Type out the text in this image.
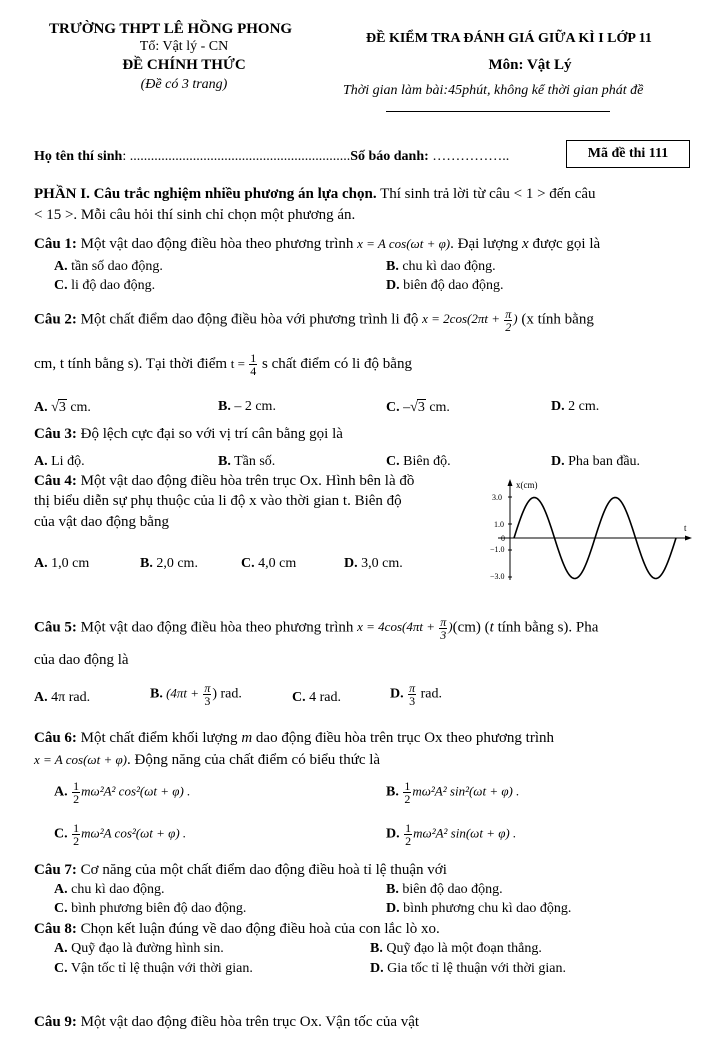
TRƯỜNG THPT LÊ HỒNG PHONG
Tổ: Vật lý - CN
ĐỀ CHÍNH THỨC
(Đề có 3 trang)
ĐỀ KIỂM TRA ĐÁNH GIÁ GIỮA KÌ I LỚP 11
Môn: Vật Lý
Thời gian làm bài:45phút, không kể thời gian phát đề
Họ tên thí sinh: ...............................................................Số báo danh: ……………..	Mã đề thi 111
PHẦN I. Câu trắc nghiệm nhiều phương án lựa chọn. Thí sinh trả lời từ câu < 1 > đến câu
< 15 >. Mỗi câu hỏi thí sinh chỉ chọn một phương án.
Câu 1: Một vật dao động điều hòa theo phương trình x = A cos(ωt + φ). Đại lượng x được gọi là
A. tần số dao động.	B. chu kì dao động.
C. li độ dao động.	D. biên độ dao động.
Câu 2: Một chất điểm dao động điều hòa với phương trình li độ $x = 2\cos(2\pi t + \frac{\pi}{2}$ ) (x tính bằng
cm, t tính bằng s). Tại thời điểm $t = \frac{1}{4}$ s chất điểm có li độ bằng
A. √3 cm.	B. – 2 cm.	C. –√3 cm.	D. 2 cm.
Câu 3: Độ lệch cực đại so với vị trí cân bằng gọi là
A. Li độ.	B. Tần số.	C. Biên độ.	D. Pha ban đầu.
Câu 4: Một vật dao động điều hòa trên trục Ox. Hình bên là đồ
thị biểu diễn sự phụ thuộc của li độ x vào thời gian t. Biên độ
của vật dao động bằng
A. 1,0 cm	B. 2,0 cm.	C. 4,0 cm	D. 3,0 cm.
x(cm)
t
3.0
1.0
0
−1.0
−3.0
Câu 5: Một vật dao động điều hòa theo phương trình $x = 4\cos(4\pi t + \frac{\pi}{3} )(cm)$ (t tính bằng s). Pha
của dao động là
A. 4π rad.	B. ($4\pi t + \frac{\pi}{3}$ ) rad.	C. 4 rad.	D. $\frac{\pi}{3}$ rad.
Câu 6: Một chất điểm khối lượng m dao động điều hòa trên trục Ox theo phương trình
x = A cos(ωt + φ). Động năng của chất điểm có biểu thức là
A. $\frac{1}{2} m\omega^2A^2$ cos²(ωt + φ) .	B. $\frac{1}{2} m\omega^2A^2$ sin²(ωt + φ) .
C. $\frac{1}{2} m\omega^2A$ cos²(ωt + φ) .	D. $\frac{1}{2} m\omega^2A^2$ sin(ωt + φ) .
Câu 7: Cơ năng của một chất điểm dao động điều hoà tỉ lệ thuận với
A. chu kì dao động.	B. biên độ dao động.
C. bình phương biên độ dao động.	D. bình phương chu kì dao động.
Câu 8: Chọn kết luận đúng về dao động điều hoà của con lắc lò xo.
A. Quỹ đạo là đường hình sin.	B. Quỹ đạo là một đoạn thẳng.
C. Vận tốc tỉ lệ thuận với thời gian.	D. Gia tốc tỉ lệ thuận với thời gian.
Câu 9: Một vật dao động điều hòa trên trục Ox. Vận tốc của vật
